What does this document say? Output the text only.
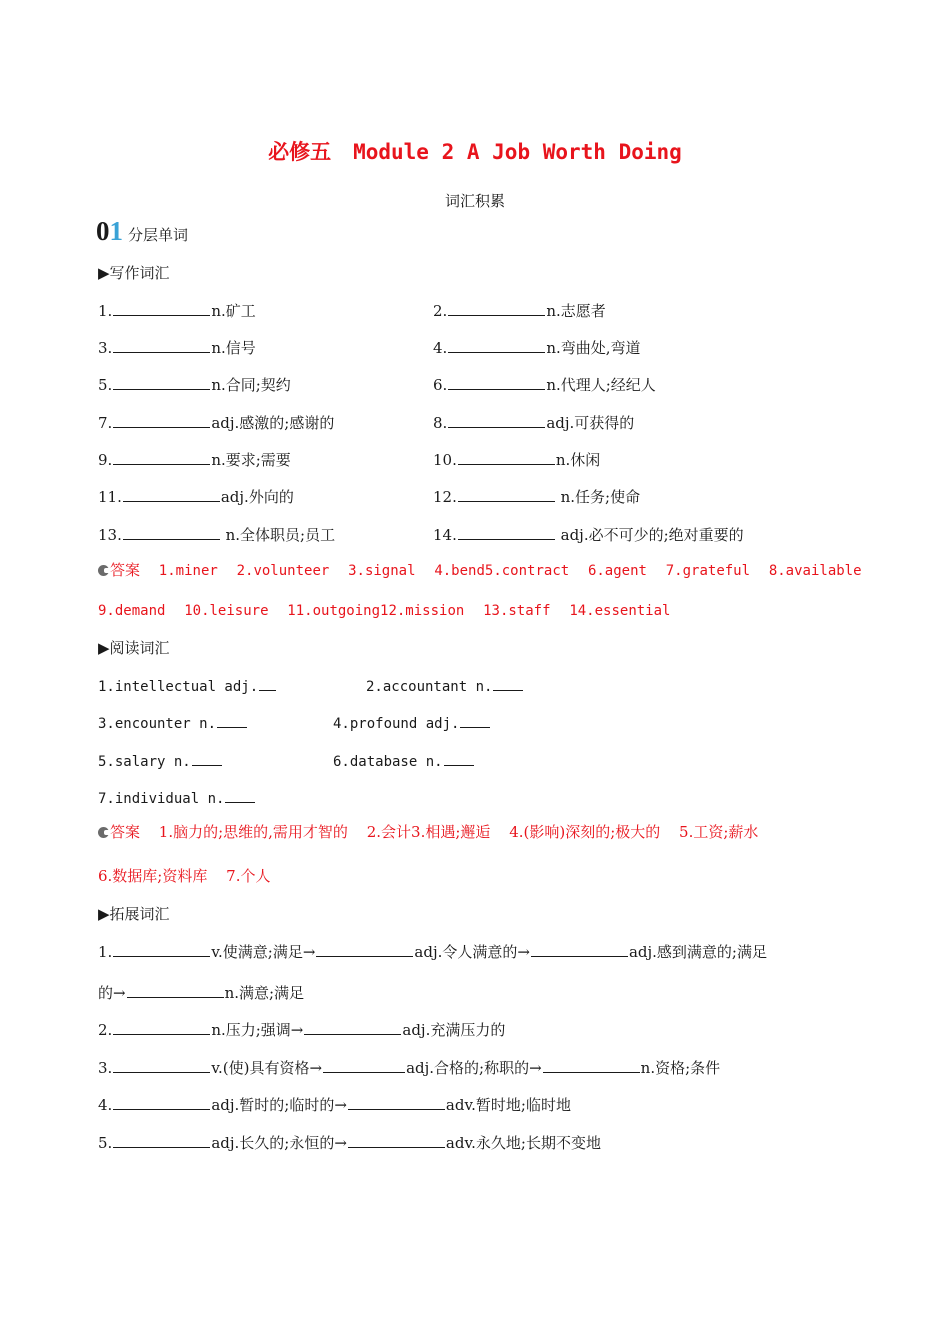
必修五 Module 2 A Job Worth Doing
词汇积累
01 分层单词
▶写作词汇
1.	n.矿工	2.	n.志愿者
3.	n.信号	4.	n.弯曲处,弯道
5.	n.合同;契约	6.	n.代理人;经纪人
7.	adj.感激的;感谢的	8.	adj.可获得的
9.	n.要求;需要	10.	n.休闲
11.	adj.外向的	12.	n.任务;使命
13.	n.全体职员;员工	14.	adj.必不可少的;绝对重要的
答案 1.miner 2.volunteer 3.signal 4.bend5.contract 6.agent 7.grateful 8.available
9.demand 10.leisure 11.outgoing12.mission 13.staff 14.essential
▶阅读词汇
1.intellectual adj.	2.accountant n.
3.encounter n.	4.profound adj.
5.salary n.	6.database n.
7.individual n.
答案 1.脑力的;思维的,需用才智的 2.会计3.相遇;邂逅 4.(影响)深刻的;极大的 5.工资;薪水
6.数据库;资料库 7.个人
▶拓展词汇
1.	v.使满意;满足→	adj.令人满意的→	adj.感到满意的;满足
的→	n.满意;满足
2.	n.压力;强调→	adj.充满压力的
3.	v.(使)具有资格→	adj.合格的;称职的→	n.资格;条件
4.	adj.暂时的;临时的→	adv.暂时地;临时地
5.	adj.长久的;永恒的→	adv.永久地;长期不变地
